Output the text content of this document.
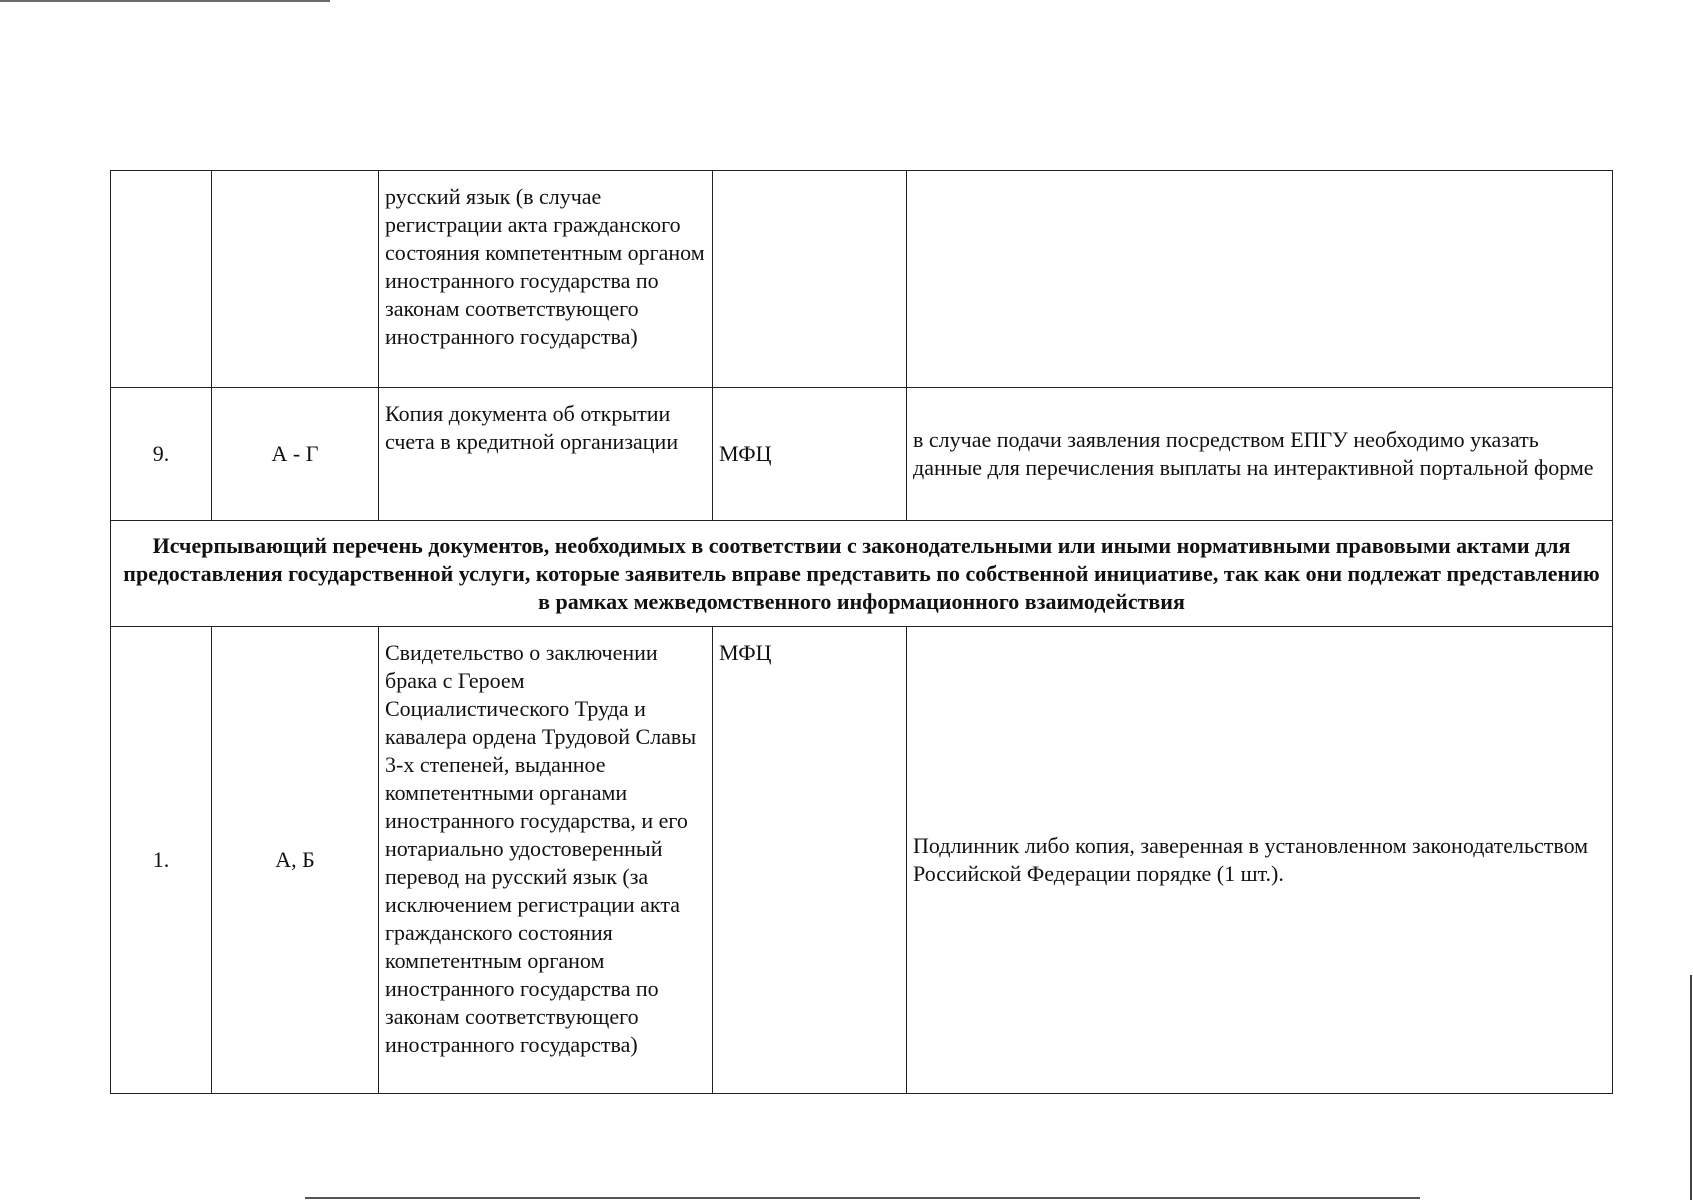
		русский язык (в случае регистрации акта гражданского состояния компетентным органом иностранного государства по законам соответствующего иностранного государства)		
9.	А - Г	Копия документа об открытии счета в кредитной организации	МФЦ	в случае подачи заявления посредством ЕПГУ необходимо указать данные для перечисления выплаты на интерактивной портальной форме
Исчерпывающий перечень документов, необходимых в соответствии с законодательными или иными нормативными правовыми актами для предоставления государственной услуги, которые заявитель вправе представить по собственной инициативе, так как они подлежат представлению в рамках межведомственного информационного взаимодействия				
1.	А, Б	Свидетельство о заключении брака с Героем Социалистического Труда и кавалера ордена Трудовой Славы 3-х степеней, выданное компетентными органами иностранного государства, и его нотариально удостоверенный перевод на русский язык (за исключением регистрации акта гражданского состояния компетентным органом иностранного государства по законам соответствующего иностранного государства)	МФЦ	Подлинник либо копия, заверенная в установленном законодательством Российской Федерации порядке (1 шт.).
